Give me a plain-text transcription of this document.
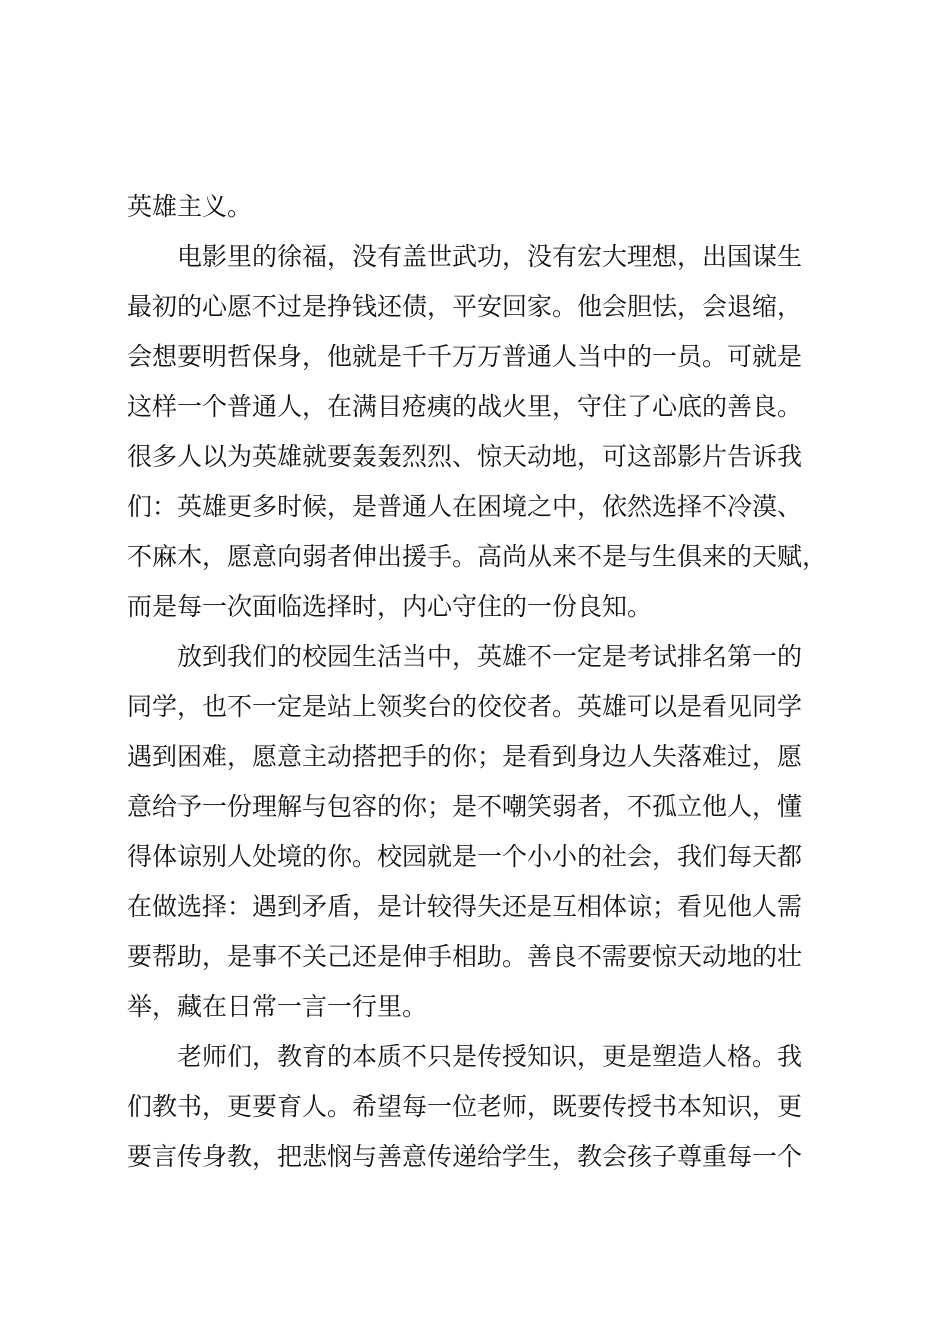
英雄主义。
　　电影里的徐福，没有盖世武功，没有宏大理想，出国谋生
最初的心愿不过是挣钱还债，平安回家。他会胆怯，会退缩，
会想要明哲保身，他就是千千万万普通人当中的一员。可就是
这样一个普通人，在满目疮痍的战火里，守住了心底的善良。
很多人以为英雄就要轰轰烈烈、惊天动地，可这部影片告诉我
们：英雄更多时候，是普通人在困境之中，依然选择不冷漠、
不麻木，愿意向弱者伸出援手。高尚从来不是与生俱来的天赋，
而是每一次面临选择时，内心守住的一份良知。
　　放到我们的校园生活当中，英雄不一定是考试排名第一的
同学，也不一定是站上领奖台的佼佼者。英雄可以是看见同学
遇到困难，愿意主动搭把手的你；是看到身边人失落难过，愿
意给予一份理解与包容的你；是不嘲笑弱者，不孤立他人，懂
得体谅别人处境的你。校园就是一个小小的社会，我们每天都
在做选择：遇到矛盾，是计较得失还是互相体谅；看见他人需
要帮助，是事不关己还是伸手相助。善良不需要惊天动地的壮
举，藏在日常一言一行里。
　　老师们，教育的本质不只是传授知识，更是塑造人格。我
们教书，更要育人。希望每一位老师，既要传授书本知识，更
要言传身教，把悲悯与善意传递给学生，教会孩子尊重每一个
